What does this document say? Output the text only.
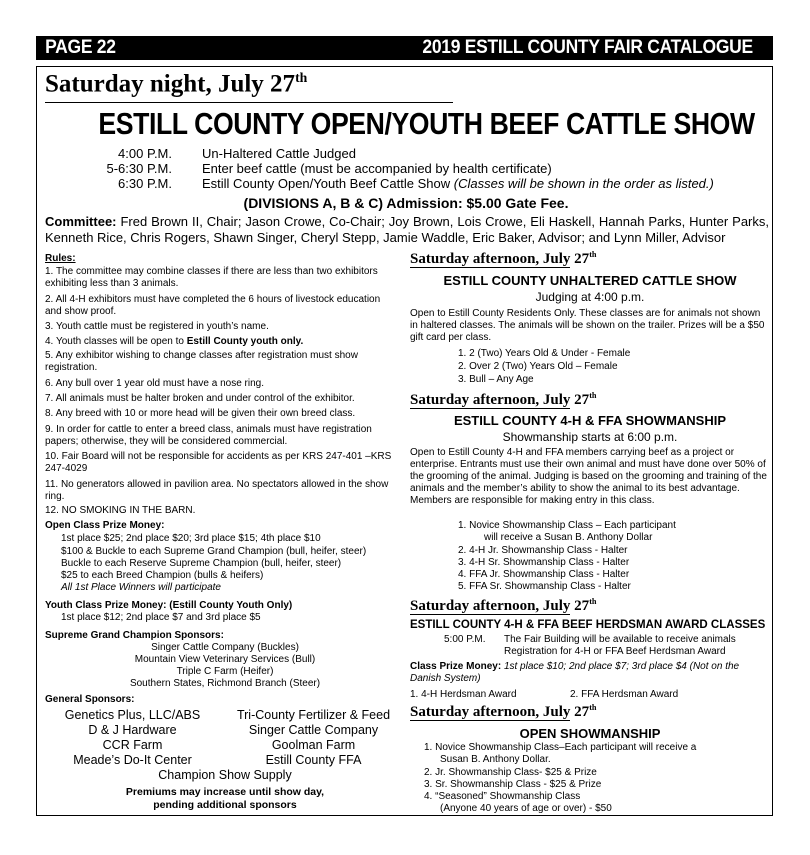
PAGE 22	2019 ESTILL COUNTY FAIR CATALOGUE
Saturday night, July 27th
ESTILL COUNTY OPEN/YOUTH BEEF CATTLE SHOW
4:00 P.M. Un-Haltered Cattle Judged
5-6:30 P.M. Enter beef cattle (must be accompanied by health certificate)
6:30 P.M. Estill County Open/Youth Beef Cattle Show (Classes will be shown in the order as listed.)
(DIVISIONS A, B & C) Admission: $5.00 Gate Fee.
Committee: Fred Brown II, Chair; Jason Crowe, Co-Chair; Joy Brown, Lois Crowe, Eli Haskell, Hannah Parks, Hunter Parks, Kenneth Rice, Chris Rogers, Shawn Singer, Cheryl Stepp, Jamie Waddle, Eric Baker, Advisor; and Lynn Miller, Advisor
Rules:
1. The committee may combine classes if there are less than two exhibitors exhibiting less than 3 animals.
2. All 4-H exhibitors must have completed the 6 hours of livestock education and show proof.
3. Youth cattle must be registered in youth’s name.
4. Youth classes will be open to Estill County youth only.
5. Any exhibitor wishing to change classes after registration must show registration.
6. Any bull over 1 year old must have a nose ring.
7. All animals must be halter broken and under control of the exhibitor.
8. Any breed with 10 or more head will be given their own breed class.
9. In order for cattle to enter a breed class, animals must have registration papers; otherwise, they will be considered commercial.
10. Fair Board will not be responsible for accidents as per KRS 247-401 –KRS 247-4029
11. No generators allowed in pavilion area. No spectators allowed in the show ring.
12. NO SMOKING IN THE BARN.
Open Class Prize Money:
1st place $25; 2nd place $20; 3rd place $15; 4th place $10
$100 & Buckle to each Supreme Grand Champion (bull, heifer, steer)
Buckle to each Reserve Supreme Champion (bull, heifer, steer)
$25 to each Breed Champion (bulls & heifers)
All 1st Place Winners will participate
Youth Class Prize Money: (Estill County Youth Only)
1st place $12; 2nd place $7 and 3rd place $5
Supreme Grand Champion Sponsors:
Singer Cattle Company (Buckles)
Mountain View Veterinary Services (Bull)
Triple C Farm (Heifer)
Southern States, Richmond Branch (Steer)
General Sponsors:
Genetics Plus, LLC/ABS
D & J Hardware
CCR Farm
Meade’s Do-It Center
Tri-County Fertilizer & Feed
Singer Cattle Company
Goolman Farm
Estill County FFA
Champion Show Supply
Premiums may increase until show day,
pending additional sponsors
Saturday afternoon, July 27th
ESTILL COUNTY UNHALTERED CATTLE SHOW
Judging at 4:00 p.m.
Open to Estill County Residents Only. These classes are for animals not shown in haltered classes. The animals will be shown on the trailer. Prizes will be a $50 gift card per class.
1. 2 (Two) Years Old & Under - Female
2. Over 2 (Two) Years Old – Female
3. Bull – Any Age
Saturday afternoon, July 27th
ESTILL COUNTY 4-H & FFA SHOWMANSHIP
Showmanship starts at 6:00 p.m.
Open to Estill County 4-H and FFA members carrying beef as a project or enterprise. Entrants must use their own animal and must have done over 50% of the grooming of the animal. Judging is based on the grooming and training of the animals and the member’s ability to show the animal to its best advantage. Members are responsible for making entry in this class.
1. Novice Showmanship Class – Each participant
will receive a Susan B. Anthony Dollar
2. 4-H Jr. Showmanship Class - Halter
3. 4-H Sr. Showmanship Class - Halter
4. FFA Jr. Showmanship Class - Halter
5. FFA Sr. Showmanship Class - Halter
Saturday afternoon, July 27th
ESTILL COUNTY 4-H & FFA BEEF HERDSMAN AWARD CLASSES
5:00 P.M. The Fair Building will be available to receive animals
Registration for 4-H or FFA Beef Herdsman Award
Class Prize Money: 1st place $10; 2nd place $7; 3rd place $4 (Not on the Danish System)
1. 4-H Herdsman Award	2. FFA Herdsman Award
Saturday afternoon, July 27th
OPEN SHOWMANSHIP
1. Novice Showmanship Class–Each participant will receive a
Susan B. Anthony Dollar.
2. Jr. Showmanship Class- $25 & Prize
3. Sr. Showmanship Class - $25 & Prize
4. “Seasoned” Showmanship Class
(Anyone 40 years of age or over) - $50
